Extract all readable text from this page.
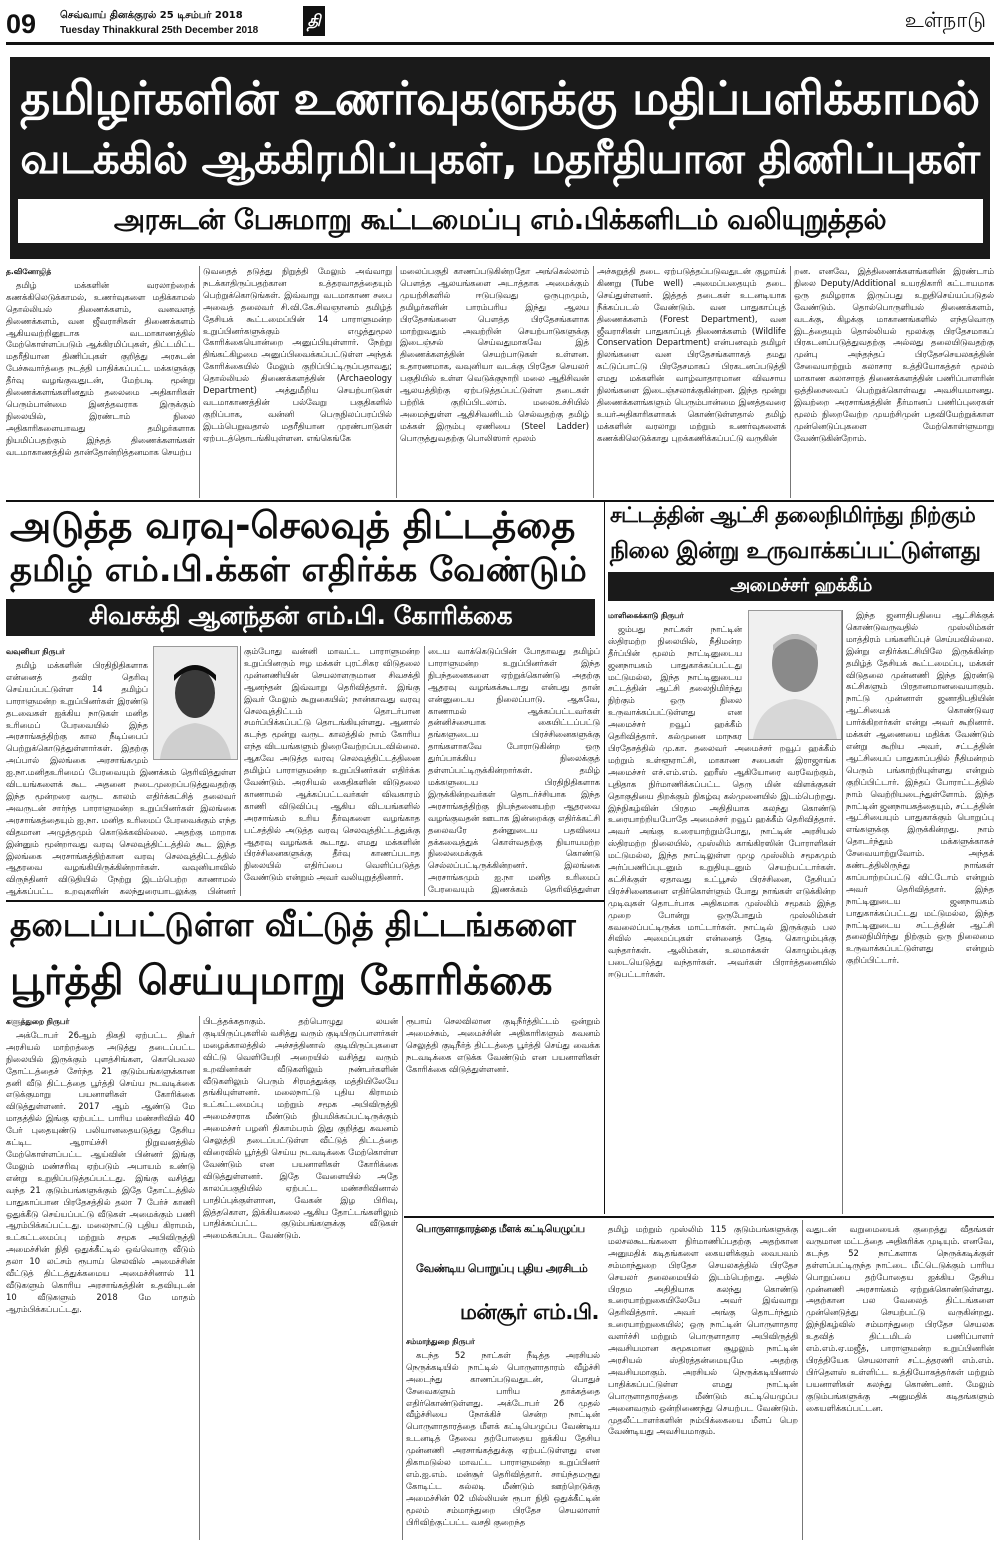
09 செவ்வாய் தினக்குரல் 25 டிசம்பர் 2018
Tuesday Thinakkural 25th December 2018
தி	உள்நாடு
தமிழர்களின் உணர்வுகளுக்கு மதிப்பளிக்காமல்
வடக்கில் ஆக்கிரமிப்புகள், மதரீதியான திணிப்புகள்
அரசுடன் பேசுமாறு கூட்டமைப்பு எம்.பிக்களிடம் வலியுறுத்தல்
த.வினோஜித்

தமிழ் மக்களின் வரலாற்றைக் கணக்கிலெடுக்காமல், உணர்வுகளை மதிக்காமல் தொல்லியல் திணைக்களம், வனவளத் திணைக்களம், வன ஜீவராசிகள் திணைக்களம் ஆகியவற்றினூடாக வடமாகாணத்தில் மேற்கொள்ளப்படும் ஆக்கிரமிப்புகள், திட்டமிட்ட மதரீதியான திணிப்புகள் குறித்து அரசுடன் பேச்சுவார்த்தை நடத்தி பாதிக்கப்பட்ட மக்களுக்கு தீர்வு வழங்குவதுடன், மேற்படி மூன்று திணைக்களங்களினதும் தலைமை அதிகாரிகள் பெரும்பான்மை இனத்தவராக இருக்கும் நிலையில், இரண்டாம் நிலை அதிகாரிகளையாவது தமிழர்களாக நியமிப்பதற்கும் இந்தத் திணைக்களங்கள் வடமாகாணத்தில் தான்தோன்றித்தனமாக செயற்ப

டுவதைத் தடுத்து நிறுத்தி மேலும் அவ்வாறு நடக்காதிருப்பதற்கான உத்தரவாதத்தையும் பெற்றுக்கொடுங்கள். இவ்வாறு வடமாகாண சபை அவைத் தலைவர் சி.வி.கே.சிவஞானம் தமிழ்த் தேசியக் கூட்டமைப்பின் 14 பாராளுமன்ற உறுப்பினர்களுக்கும் எழுத்துமூல கோரிக்கையொன்றை அனுப்பியுள்ளார். நேற்று திங்கட்கிழமை அனுப்பிவைக்கப்பட்டுள்ள அந்தக் கோரிக்கையில் மேலும் குறிப்பிட்டிருப்பதாவது; தொல்லியல் திணைக்களத்தின் (Archaeology Department) அத்துமீறிய செயற்பாடுகள் வடமாகாணத்தின் பல்வேறு பகுதிகளில் குறிப்பாக, வன்னி பெருநிலப்பரப்பில் இடம்பெறுவதால் மதரீதியான முரண்பாடுகள் ஏற்படத்தொடங்கியுள்ளன. எங்கெங்கே

மலைப்பகுதி காணப்படுகின்றதோ அங்கெல்லாம் பௌத்த ஆலயங்களை அடாத்தாக அமைக்கும் முயற்சிகளில் ஈடுபடுவது ஒருபுறமும், தமிழர்களின் பாரம்பரிய இந்து ஆலய பிரதேசங்களை பௌத்த பிரதேசங்களாக மாற்றுவதும் அவற்றின் செயற்பாடுகளுக்கு இடைஞ்சல் செய்வதுமாகவே இத் திணைக்களத்தின் செயற்பாடுகள் உள்ளன. உதாரணமாக, வவுனியா வடக்கு பிரதேச செயலர் பகுதியில் உள்ள வெடுக்குநாறி மலை ஆதிசிவன் ஆலயத்திற்கு ஏற்படுத்தப்பட்டுள்ள தடைகள் பற்றிக் குறிப்பிடலாம். மலைஉச்சியில் அமைந்துள்ள ஆதிசிவனிடம் செல்வதற்கு தமிழ் மக்கள் இரும்பு ஏணியை (Steel Ladder) பொருத்துவதற்கு பொலிஸார் மூலம்

அச்சுறுத்தி தடை ஏற்படுத்தப்படுவதுடன் குழாய்க் கிணறு (Tube well) அமைப்பதையும் தடை செய்துள்ளனர். இத்தத் தடைகள் உடனடியாக நீக்கப்படல் வேண்டும். வன பாதுகாப்புத் திணைக்களம் (Forest Department), வன ஜீவராசிகள் பாதுகாப்புத் திணைக்களம் (Wildlife Conservation Department) என்பனவும் தமிழர் நிலங்களை வன பிரதேசங்களாகத் தமது கட்டுப்பாட்டு பிரதேசமாகப் பிரகடனப்படுத்தி எமது மக்களின் வாழ்வாதாரமான விவசாய நிலங்களை இடைஞ்சலாக்குகின்றன. இந்த மூன்று திணைக்களங்களும் பெரும்பான்மை இனத்தவரை உயர்அதிகாரிகளாகக் கொண்டுள்ளதால் தமிழ் மக்களின் வரலாறு மற்றும் உணர்வுகளைக் கணக்கிலெடுக்காது புறக்கணிக்கப்பட்டு வருகின்

றன. எனவே, இத்திணைக்களங்களின் இரண்டாம் நிலை Deputy/Additional உயரதிகாரி கட்டாயமாக ஒரு தமிழராக இருப்பது உறுதிசெய்யப்படுதல் வேண்டும். தொல்பொருளியல் திணைக்களம், வடக்கு, கிழக்கு மாகாணங்களில் எந்தவொரு இடத்தையும் தொல்லியல் மூலக்கு பிரதேசமாகப் பிரகடனப்படுத்துவதற்கு அல்லது தலையிடுவதற்கு முன்பு அந்தந்தப் பிரதேசசெயலகத்தின் சேவையாற்றும் கலாசார உத்தியோகத்தர் மூலம் மாகாண கலாசாரத் திணைக்களத்தின் பணிப்பாளரின் ஒத்திசைவைப் பெற்றுக்கொள்வது அவசியமானது. இவற்றை அரசாங்கத்தின் தீர்மானப் பணிப்புரைகள் மூலம் நிறைவேற்ற முயற்சிமுன் பதவியேற்றுக்காள முன்னெடுப்புகளை மேற்கொள்ளுமாறு வேண்டுகின்றோம்.

அடுத்த வரவு-செலவுத் திட்டத்தை
தமிழ் எம்.பி.க்கள் எதிர்க்க வேண்டும்
சிவசக்தி ஆனந்தன் எம்.பி. கோரிக்கை
வவுனியா நிருபர்

தமிழ் மக்களின் பிரதிநிதிகளாக என்னைத் தவிர தெரிவு செய்யப்பட்டுள்ள 14 தமிழ்ப் பாராளுமன்ற உறுப்பினர்கள் இரண்டு தடவைகள் ஐக்கிய நாடுகள் மனித உரிமைப் பேரவையில் இந்த அரசாங்கத்திற்கு கால நீடிப்பைப் பெற்றுக்கொடுத்துள்ளார்கள். இதற்கு அப்பால் இலங்கை அரசாங்கமும் ஐ.நா.மனிதஉரிமைப் பேரவையும் இணக்கம் தெரிவித்துள்ள விடயங்களைக் கூட அதனை நடைமுறைப்படுத்துவதற்கு இந்த மூன்றரை வருட காலம் எதிர்க்கட்சித் தலைவர் அவருடன் சார்ந்த பாராளுமன்ற உறுப்பினர்கள் இலங்கை அரசாங்கத்தையும் ஐ.நா. மனித உரிமைப் பேரவைக்கும் எந்த விதமான அழுத்தமும் கொடுக்கவில்லை. அதற்கு மாறாக இன்னும் மூன்றாவது வரவு செலவுத்திட்டத்தில் கூட இந்த இலங்கை அரசாங்கத்திற்கான வரவு செலவுத்திட்டத்தில் ஆதரவை வழங்கியிருக்கின்றார்கள். வவுனியாவில் விருந்தினர் விடுதியில் நேற்று இடம்பெற்ற காணாமல் ஆக்கப்பட்ட உறவுகளின் கலந்துரையாடலுக்கு பின்னர்

கும்போது வன்னி மாவட்ட பாராளுமன்ற உறுப்பினரும் ஈழ மக்கள் புரட்சிகர விடுதலை முன்னணியின் செயலாளருமான சிவசக்தி ஆனந்தன் இவ்வாறு தெரிவித்தார். இங்கு இவர் மேலும் கூறுகையில்; நான்காவது வரவு செலவுத்திட்டம் தொடர்பான சமர்ப்பிக்கப்பட்டு தொடங்கியுள்ளது. ஆனால் கடந்த மூன்று வருட காலத்தில் நாம் கோரிய எந்த விடயங்களும் நிறைவேற்றப்படவில்லை. ஆகவே அடுத்த வரவு செலவுத்திட்டத்தினை தமிழ்ப் பாராளுமன்ற உறுப்பினர்கள் எதிர்க்க வேண்டும். அரசியல் கைதிகளின் விடுதலை காணாமல் ஆக்கப்பட்டவர்கள் விவகாரம் காணி விடுவிப்பு ஆகிய விடயங்களில் அரசாங்கம் உரிய தீர்வுகளை வழங்காத பட்சத்தில் அடுத்த வரவு செலவுத்திட்டத்துக்கு ஆதரவு வழங்கக் கூடாது. எமது மக்களின் பிரச்சினைகளுக்கு தீர்வு காணப்படாத நிலையில் எதிர்ப்பை வெளிப்படுத்த வேண்டும் என்றும் அவர் வலியுறுத்தினார்.

டைய வாக்கெடுப்பின் போதாவது தமிழ்ப் பாராளுமன்ற உறுப்பினர்கள் இந்த நிபந்தனைகளை ஏற்றுக்கொண்டு அதற்கு ஆதரவு வழங்கக்கூடாது என்பது தான் என்னுடைய நிலைப்பாடு. ஆகவே, காணாமல் ஆக்கப்பட்டவர்கள் தன்னிச்சையாக கையிட்டப்பட்டு தங்களுடைய பிரச்சினைகளுக்கு தாங்களாகவே போராடுகின்ற ஒரு துர்ப்பாக்கிய நிலைக்குத் தள்ளப்பட்டிருக்கின்றார்கள். தமிழ் மக்களுடைய பிரதிநிதிகளாக இருக்கின்றவர்கள் தொடர்ச்சியாக இந்த அரசாங்கத்திற்கு நிபந்தனையற்ற ஆதரவை வழங்குவதன் ஊடாக இன்றைக்கு எதிர்க்கட்சி தலைவரே தன்னுடைய பதவியை தக்கவைத்துக் கொள்வதற்கு நியாயமற்ற நிலைமைக்குக் கொண்டு செல்லப்பட்டிருக்கின்றனர். இலங்கை அரசாங்கமும் ஐ.நா மனித உரிமைப் பேரவையும் இணக்கம் தெரிவித்துள்ள

சட்டத்தின் ஆட்சி தலைநிமிர்ந்து நிற்கும்
நிலை இன்று உருவாக்கப்பட்டுள்ளது
அமைச்சர் ஹக்கீம்
மாளிகைக்காடு நிருபர்

ஜம்பது நாட்கள் நாட்டின் ஸ்திரமற்ற நிலையில், நீதிமன்ற தீர்ப்பின் மூலம் நாட்டினுடைய ஜனநாயகம் பாதுகாக்கப்பட்டது மட்டுமல்ல, இந்த நாட்டினுடைய சட்டத்தின் ஆட்சி தலைநிமிர்ந்து நிற்கும் ஒரு நிலை உருவாக்கப்பட்டுள்ளது என அமைச்சர் றவூப் ஹக்கீம் தெரிவித்தார். கல்முனை மாநகர பிரதேசத்தில் மு.கா. தலைவர் அமைச்சர் றவூப் ஹக்கீம் மற்றும் உள்ளூராட்சி, மாகாண சபைகள் இராஜாங்க அமைச்சர் எச்.எம்.எம். ஹரீஸ் ஆகியோரை வரவேற்கும், புதிதாக நிர்மாணிக்கப்பட்ட தெரு மின் விளக்குகள் தொகுதியை திறக்கும் நிகழ்வு கல்முனையில் இடம்பெற்றது. இந்நிகழ்வின் பிரதம அதிதியாக கலந்து கொண்டு உரையாற்றியபோதே அமைச்சர் றவூப் ஹக்கீம் தெரிவித்தார். அவர் அங்கு உரையாற்றும்போது, நாட்டின் அரசியல் ஸ்திரமற்ற நிலையில், முஸ்லிம் காங்கிரஸின் போராளிகள் மட்டுமல்ல, இந்த நாட்டிலுள்ள முழு முஸ்லிம் சமூகமும் அர்ப்பணிப்புடனும் உறுதியுடனும் செயற்பட்டார்கள். கட்சிக்குள் ஏதாவது உட்பூசல் பிரச்சினை, தேசியப் பிரச்சினைகளை எதிர்கொள்ளும் போது நாங்கள் எடுக்கின்ற முடிவுகள் தொடர்பாக அதிகமாக முஸ்லிம் சமூகம் இந்த முறை போன்று ஒருபோதும் முஸ்லிம்கள் கவலைப்பட்டிருக்க மாட்டார்கள். நாட்டில் இருக்கும் பல சிவில் அமைப்புகள் என்னைத் தேடி கொழும்புக்கு வந்தார்கள். ஆலிம்கள், உலமாக்கள் கொழும்புக்கு படையெடுத்து வந்தார்கள். அவர்கள் பிரார்த்தனையில் ஈடுபட்டார்கள்.

இந்த ஜனாதிபதியை ஆட்சிக்குக் கொண்டுவருவதில் முஸ்லிம்கள் மாத்திரம் பங்களிப்புச் செய்யவில்லை. இன்று எதிர்க்கட்சியிலே இருக்கின்ற தமிழ்த் தேசியக் கூட்டமைப்பு, மக்கள் விடுதலை முன்னணி இந்த இரண்டு கட்சிகளும் பிரதானமானவையாகும். நாட்டு முன்னாள் ஜனாதிபதியின் ஆட்சியைக் கொண்டுவர பார்க்கிறார்கள் என்று அவர் கூறினார். மக்கள் ஆணையை மதிக்க வேண்டும் என்று கூறிய அவர், சட்டத்தின் ஆட்சியைப் பாதுகாப்பதில் நீதிமன்றம் பெரும் பங்காற்றியுள்ளது என்றும் குறிப்பிட்டார். இந்தப் போராட்டத்தில் நாம் வெற்றியடைந்துள்ளோம். இந்த நாட்டின் ஜனநாயகத்தையும், சட்டத்தின் ஆட்சியையும் பாதுகாக்கும் பொறுப்பு எங்களுக்கு இருக்கின்றது. நாம் தொடர்ந்தும் மக்களுக்காகச் சேவையாற்றுவோம். அந்தக் கண்டத்திலிருந்து நாங்கள் காப்பாற்றப்பட்டு விட்டோம் என்றும் அவர் தெரிவித்தார். இந்த நாட்டினுடைய ஜனநாயகம் பாதுகாக்கப்பட்டது மட்டுமல்ல, இந்த நாட்டினுடைய சட்டத்தின் ஆட்சி தலைநிமிர்ந்து நிற்கும் ஒரு நிலைமை உருவாக்கப்பட்டுள்ளது என்றும் குறிப்பிட்டார்.

தடைப்பட்டுள்ள வீட்டுத் திட்டங்களை
பூர்த்தி செய்யுமாறு கோரிக்கை
களுத்துறை நிருபர்

அக்டோபர் 26ஆம் திகதி ஏற்பட்ட திடீர் அரசியல் மாற்றத்தை அடுத்து தடைப்பட்ட நிலையில் இருக்கும் புளத்சிங்கள, கொபெவல தோட்டத்தைச் சேர்ந்த 21 குடும்பங்களுக்கான தனி வீடு திட்டத்தை பூர்த்தி செய்ய நடவடிக்கை எடுக்குமாறு பயனாளிகள் கோரிக்கை விடுத்துள்ளனர். 2017 ஆம் ஆண்டு மே மாதத்தில் இங்கு ஏற்பட்ட பாரிய மண்சரிவில் 40 பேர் புதையுண்டு பலியானதையடுத்து தேசிய கட்டிட ஆராய்ச்சி நிறுவனத்தில் மேற்கொள்ளப்பட்ட ஆய்வின் பின்னர் இங்கு மேலும் மண்சரிவு ஏற்படும் அபாயம் உண்டு என்று உறுதிப்படுத்தப்பட்டது. இங்கு வசித்து வந்த 21 குடும்பங்களுக்கும் இதே தோட்டத்தில் பாதுகாப்பான பிரதேசத்தில் தலா 7 பேர்ச் காணி ஒதுக்கீடு செய்யப்பட்டு வீடுகள் அமைக்கும் பணி ஆரம்பிக்கப்பட்டது. மலைநாட்டு புதிய கிராமம், உட்கட்டமைப்பு மற்றும் சமூக அபிவிருத்தி அமைச்சின் நிதி ஒதுக்கீட்டில் ஒவ்வொரு வீடும் தலா 10 லட்சம் ரூபாய் செலவில் அமைச்சின் வீட்டுத் திட்டத்துக்கமைய அமைச்சினால் 11 வீடுகளும் கொரிய அரசாங்கத்தின் உதவியுடன் 10 வீடுகளும் 2018 மே மாதம் ஆரம்பிக்கப்பட்டது.

பிடத்தக்கதாகும். தற்பொழுது லயன் குடியிருப்புகளில் வசித்து வரும் குடியிருப்பாளர்கள் மழைக்காலத்தில் அச்சத்தினால் குடியிருப்புகளை விட்டு வெளியேறி அறையில் வசித்து வரும் உறவினர்கள் வீடுகளிலும் நண்பர்களின் வீடுகளிலும் பெரும் சிரமத்துக்கு மத்தியிலேயே தங்கியுள்ளனர். மலைநாட்டு புதிய கிராமம் உட்கட்டமைப்பு மற்றும் சமூக அபிவிருத்தி அமைச்சராக மீண்டும் நியமிக்கப்பட்டிருக்கும் அமைச்சர் பழனி திகாம்பரம் இது குறித்து கவனம் செலுத்தி தடைப்பட்டுள்ள வீட்டுத் திட்டத்தை விரைவில் பூர்த்தி செய்ய நடவடிக்கை மேற்கொள்ள வேண்டும் என பயனாளிகள் கோரிக்கை விடுத்துள்ளனர். இதே வேளையில் அதே காலப்பகுதியில் ஏற்பட்ட மண்சரிவினால் பாதிப்புக்குள்ளான, வேகன் இழ பிரிவு, இத்தகொள, இக்கியகலை ஆகிய தோட்டங்களிலும் பாதிக்கப்பட்ட குடும்பங்களுக்கு வீடுகள் அமைக்கப்பட வேண்டும்.

ரூபாய் செலவிலான குடிநீர்த்திட்டம் ஒன்றும் அமைச்சும், அமைச்சின் அதிகாரிகளும் கவனம் செலுத்தி குடிநீர்த் திட்டத்தை பூர்த்தி செய்து வைக்க நடவடிக்கை எடுக்க வேண்டும் என பயனாளிகள் கோரிக்கை விடுத்துள்ளனர்.

பொருளாதாரத்தை மீளக் கட்டியெழுப்ப
வேண்டிய பொறுப்பு புதிய அரசிடம்
மன்சூர் எம்.பி.
சம்மாந்துறை நிருபர்

கடந்த 52 நாட்கள் நீடித்த அரசியல் நெருக்கடியில் நாட்டில் பொருளாதாரம் வீழ்ச்சி அடைந்து காணப்படுவதுடன், பொதுச் சேவைகளும் பாரிய தாக்கத்தை எதிர்கொண்டுள்ளது. அக்டோபர் 26 முதல் வீழ்ச்சியை நோக்கிச் சென்ற நாட்டின் பொருளாதாரத்தை மீளக் கட்டியெழுப்ப வேண்டிய உடனடித் தேவை தற்போதைய ஐக்கிய தேசிய முன்னணி அரசாங்கத்துக்கு ஏற்பட்டுள்ளது என திகாமடுல்ல மாவட்ட பாராளுமன்ற உறுப்பினர் எம்.ஐ.எம். மன்சூர் தெரிவித்தார். சாய்ந்தமருது கோடிட்ட கல்லடி மீண்டும் ஊற்றெடுக்கு அமைச்சின் 02 மில்லியன் ரூபா நிதி ஒதுக்கீட்டின் மூலம் சம்மாந்துறை பிரதேச செயலாளர் பிரிவிற்குட்பட்ட வசதி குறைந்த

தமிழ் மற்றும் முஸ்லிம் 115 குடும்பங்களுக்கு மலசலகூடங்களை நிர்மாணிப்பதற்கு அதற்கான அனுமதிக் கடிதங்களை கையளிக்கும் வைபவம் சம்மாந்துறை பிரதேச செயலகத்தில் பிரதேச செயலர் தலைமையில் இடம்பெற்றது. அதில் பிரதம அதிதியாக கலந்து கொண்டு உரையாற்றுகையிலேயே அவர் இவ்வாறு தெரிவித்தார். அவர் அங்கு தொடர்ந்தும் உரையாற்றுகையில்; ஒரு நாட்டின் பொருளாதார வளர்ச்சி மற்றும் பொருளாதார அபிவிருத்தி அவசியமான சுமூகமான சூழலும் நாட்டின் அரசியல் ஸ்திரத்தன்மையுமே அதற்கு அவசியமாகும். அரசியல் நெருக்கடியினால் பாதிக்கப்பட்டுள்ள எமது நாட்டின் பொருளாதாரத்தை மீண்டும் கட்டியெழுப்ப அனைவரும் ஒன்றிணைந்து செயற்பட வேண்டும். முதலீட்டாளர்களின் நம்பிக்கையை மீளப் பெற வேண்டியது அவசியமாகும்.

வதுடன் வறுமையைக் குறைத்து வீதங்கள் வருமான மட்டத்தை அதிகரிக்க முடியும். எனவே, கடந்த 52 நாட்களாக நெருக்கடிக்குள் தள்ளப்பட்டிருந்த நாட்டை மீட்டெடுக்கும் பாரிய பொறுப்பை தற்போதைய ஐக்கிய தேசிய முன்னணி அரசாங்கம் ஏற்றுக்கொண்டுள்ளது. அதற்கான பல வேலைத் திட்டங்களை முன்னெடுத்து செயற்பட்டு வருகின்றது. இந்நிகழ்வில் சம்மாந்துறை பிரதேச செயலக உதவித் திட்டமிடல் பணிப்பாளர் எம்.எம்.ஏ.மஜீத், பாராளுமன்ற உறுப்பினரின் பிரத்தியேக செயலாளர் சட்டத்தரணி எம்.எம். பிர்தௌஸ் உள்ளிட்ட உத்தியோகத்தர்கள் மற்றும் பயனாளிகள் கலந்து கொண்டனர். மேலும் குடும்பங்களுக்கு அனுமதிக் கடிதங்களும் கையளிக்கப்பட்டன.
